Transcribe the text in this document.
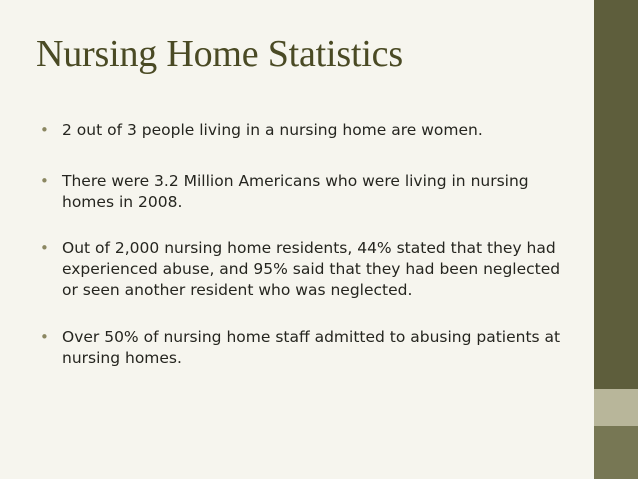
Nursing Home Statistics
• 2 out of 3 people living in a nursing home are women.
• There were 3.2 Million Americans who were living in nursing homes in 2008.
• Out of 2,000 nursing home residents, 44% stated that they had experienced abuse, and 95% said that they had been neglected or seen another resident who was neglected.
• Over 50% of nursing home staff admitted to abusing patients at nursing homes.
